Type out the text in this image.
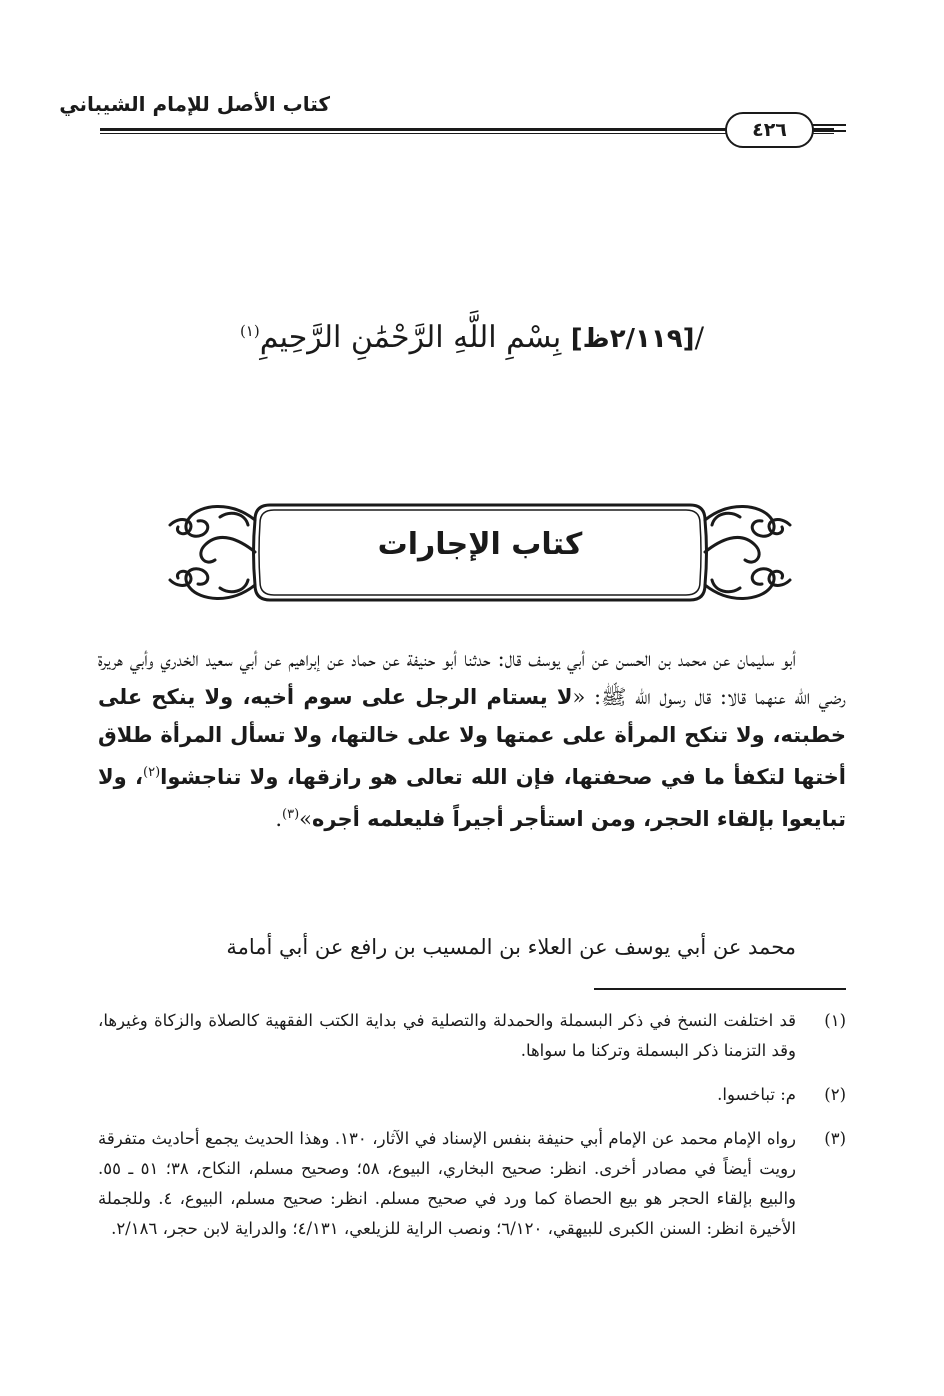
كتاب الأصل للإمام الشيباني
٤٢٦
/[٢/١١٩ظ] بِسْمِ اللَّهِ الرَّحْمَٰنِ الرَّحِيمِ$^{(١)}$
كتاب الإجارات
أبو سليمان عن محمد بن الحسن عن أبي يوسف قال: حدثنا أبو حنيفة عن حماد عن إبراهيم عن أبي سعيد الخدري وأبي هريرة رضي الله عنهما قالا: قال رسول الله ﷺ: «لا يستام الرجل على سوم أخيه، ولا ينكح على خطبته، ولا تنكح المرأة على عمتها ولا على خالتها، ولا تسأل المرأة طلاق أختها لتكفأ ما في صحفتها، فإن الله تعالى هو رازقها، ولا تناجشوا$^{(٢)}$، ولا تبايعوا بإلقاء الحجر، ومن استأجر أجيراً فليعلمه أجره»$^{(٣)}$.
محمد عن أبي يوسف عن العلاء بن المسيب بن رافع عن أبي أمامة
(١)
قد اختلفت النسخ في ذكر البسملة والحمدلة والتصلية في بداية الكتب الفقهية كالصلاة والزكاة وغيرها، وقد التزمنا ذكر البسملة وتركنا ما سواها.
(٢)
م: تباخسوا.
(٣)
رواه الإمام محمد عن الإمام أبي حنيفة بنفس الإسناد في الآثار، ١٣٠. وهذا الحديث يجمع أحاديث متفرقة رويت أيضاً في مصادر أخرى. انظر: صحيح البخاري، البيوع، ٥٨؛ وصحيح مسلم، النكاح، ٣٨؛ ٥١ ـ ٥٥. والبيع بإلقاء الحجر هو بيع الحصاة كما ورد في صحيح مسلم. انظر: صحيح مسلم، البيوع، ٤. وللجملة الأخيرة انظر: السنن الكبرى للبيهقي، ٦/١٢٠؛ ونصب الراية للزيلعي، ٤/١٣١؛ والدراية لابن حجر، ٢/١٨٦.
